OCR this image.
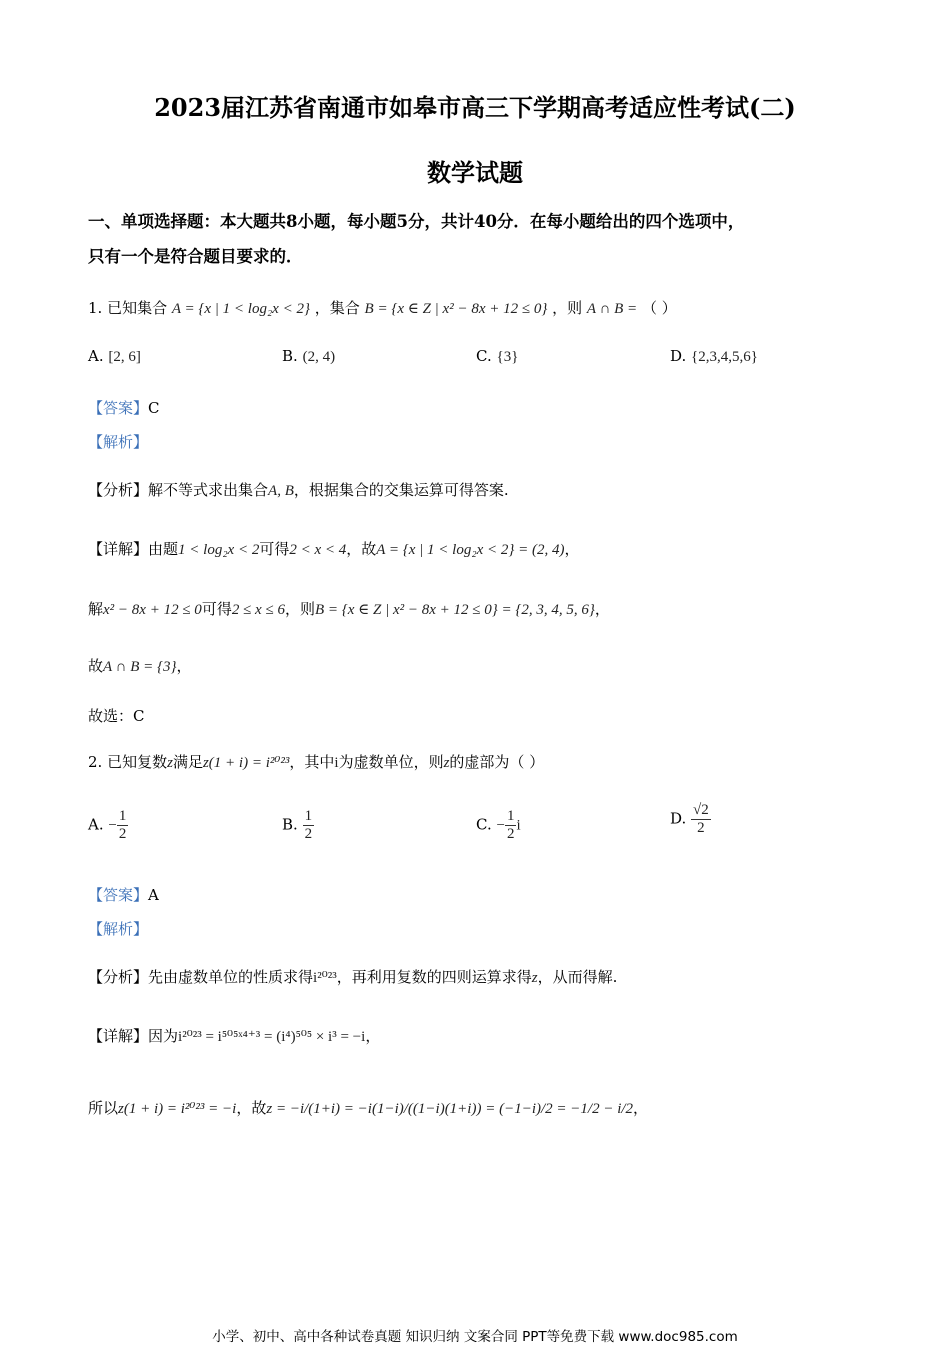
2023届江苏省南通市如皋市高三下学期高考适应性考试(二)
数学试题
一、单项选择题：本大题共8小题，每小题5分，共计40分．在每小题给出的四个选项中，
只有一个是符合题目要求的．
1. 已知集合 A = {x | 1 < log₂x < 2} ，集合 B = {x ∈ Z | x² − 8x + 12 ≤ 0} ，则 A ∩ B = （ ）
A. [2, 6]	B. (2, 4)	C. {3}	D. {2,3,4,5,6}
【答案】C
【解析】
【分析】解不等式求出集合A, B，根据集合的交集运算可得答案.
【详解】由题1 < log₂x < 2可得2 < x < 4，故A = {x | 1 < log₂x < 2} = (2, 4)，
解x² − 8x + 12 ≤ 0可得2 ≤ x ≤ 6，则B = {x ∈ Z | x² − 8x + 12 ≤ 0} = {2, 3, 4, 5, 6}，
故A ∩ B = {3}，
故选：C
2. 已知复数z满足z(1 + i) = i²⁰²³，其中i为虚数单位，则z的虚部为（ ）
A. − $\frac{1}{2}$	B. $\frac{1}{2}$	C. − $\frac{1}{2}$ i	D. $\frac{√2}{2}$
【答案】A
【解析】
【分析】先由虚数单位的性质求得i²⁰²³，再利用复数的四则运算求得z，从而得解.
【详解】因为i²⁰²³ = i⁵⁰⁵ˣ⁴⁺³ = (i⁴)⁵⁰⁵ × i³ = −i，
所以z(1 + i) = i²⁰²³ = −i，故z = −i/(1+i) = −i(1−i)/((1−i)(1+i)) = (−1−i)/2 = −1/2 − i/2，
小学、初中、高中各种试卷真题 知识归纳 文案合同 PPT等免费下载 www.doc985.com
